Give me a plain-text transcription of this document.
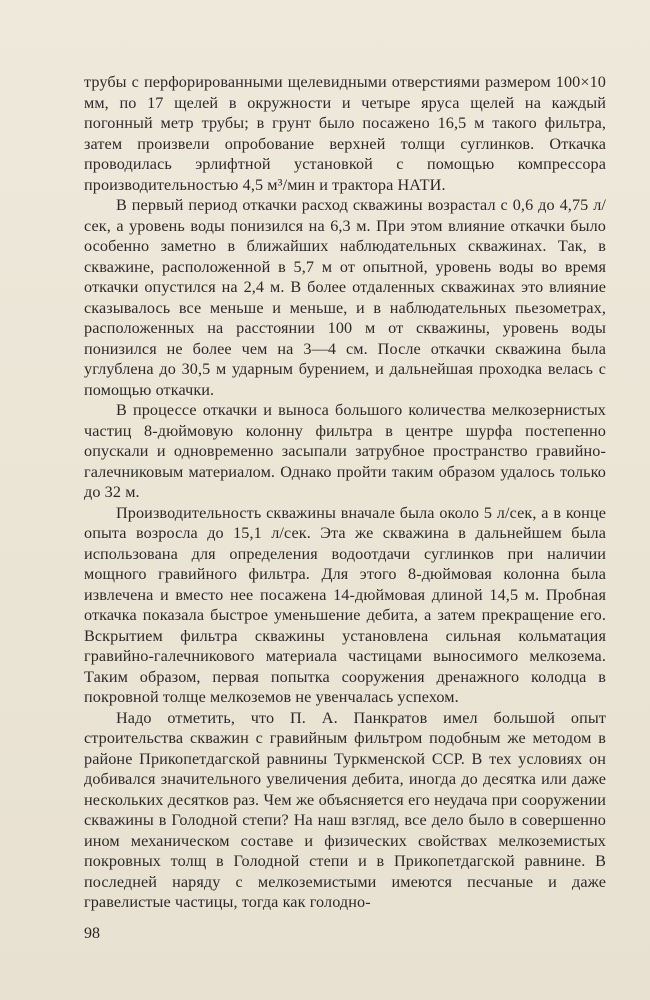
трубы с перфорированными щелевидными отверстиями размером 100×10 мм, по 17 щелей в окружности и четыре яруса щелей на каждый погонный метр трубы; в грунт было посажено 16,5 м такого фильтра, затем произвели опробование верхней толщи суглинков. Откачка проводилась эрлифтной установкой с помощью компрессора производительностью 4,5 м³/мин и трактора НАТИ.

В первый период откачки расход скважины возрастал с 0,6 до 4,75 л/сек, а уровень воды понизился на 6,3 м. При этом влияние откачки было особенно заметно в ближайших наблюдательных скважинах. Так, в скважине, расположенной в 5,7 м от опытной, уровень воды во время откачки опустился на 2,4 м. В более отдаленных скважинах это влияние сказывалось все меньше и меньше, и в наблюдательных пьезометрах, расположенных на расстоянии 100 м от скважины, уровень воды понизился не более чем на 3—4 см. После откачки скважина была углублена до 30,5 м ударным бурением, и дальнейшая проходка велась с помощью откачки.

В процессе откачки и выноса большого количества мелкозернистых частиц 8-дюймовую колонну фильтра в центре шурфа постепенно опускали и одновременно засыпали затрубное пространство гравийно-галечниковым материалом. Однако пройти таким образом удалось только до 32 м.

Производительность скважины вначале была около 5 л/сек, а в конце опыта возросла до 15,1 л/сек. Эта же скважина в дальнейшем была использована для определения водоотдачи суглинков при наличии мощного гравийного фильтра. Для этого 8-дюймовая колонна была извлечена и вместо нее посажена 14-дюймовая длиной 14,5 м. Пробная откачка показала быстрое уменьшение дебита, а затем прекращение его. Вскрытием фильтра скважины установлена сильная кольматация гравийно-галечникового материала частицами выносимого мелкозема. Таким образом, первая попытка сооружения дренажного колодца в покровной толще мелкоземов не увенчалась успехом.

Надо отметить, что П. А. Панкратов имел большой опыт строительства скважин с гравийным фильтром подобным же методом в районе Прикопетдагской равнины Туркменской ССР. В тех условиях он добивался значительного увеличения дебита, иногда до десятка или даже нескольких десятков раз. Чем же объясняется его неудача при сооружении скважины в Голодной степи? На наш взгляд, все дело было в совершенно ином механическом составе и физических свойствах мелкоземистых покровных толщ в Голодной степи и в Прикопетдагской равнине. В последней наряду с мелкоземистыми имеются песчаные и даже гравелистые частицы, тогда как голодно-

98
